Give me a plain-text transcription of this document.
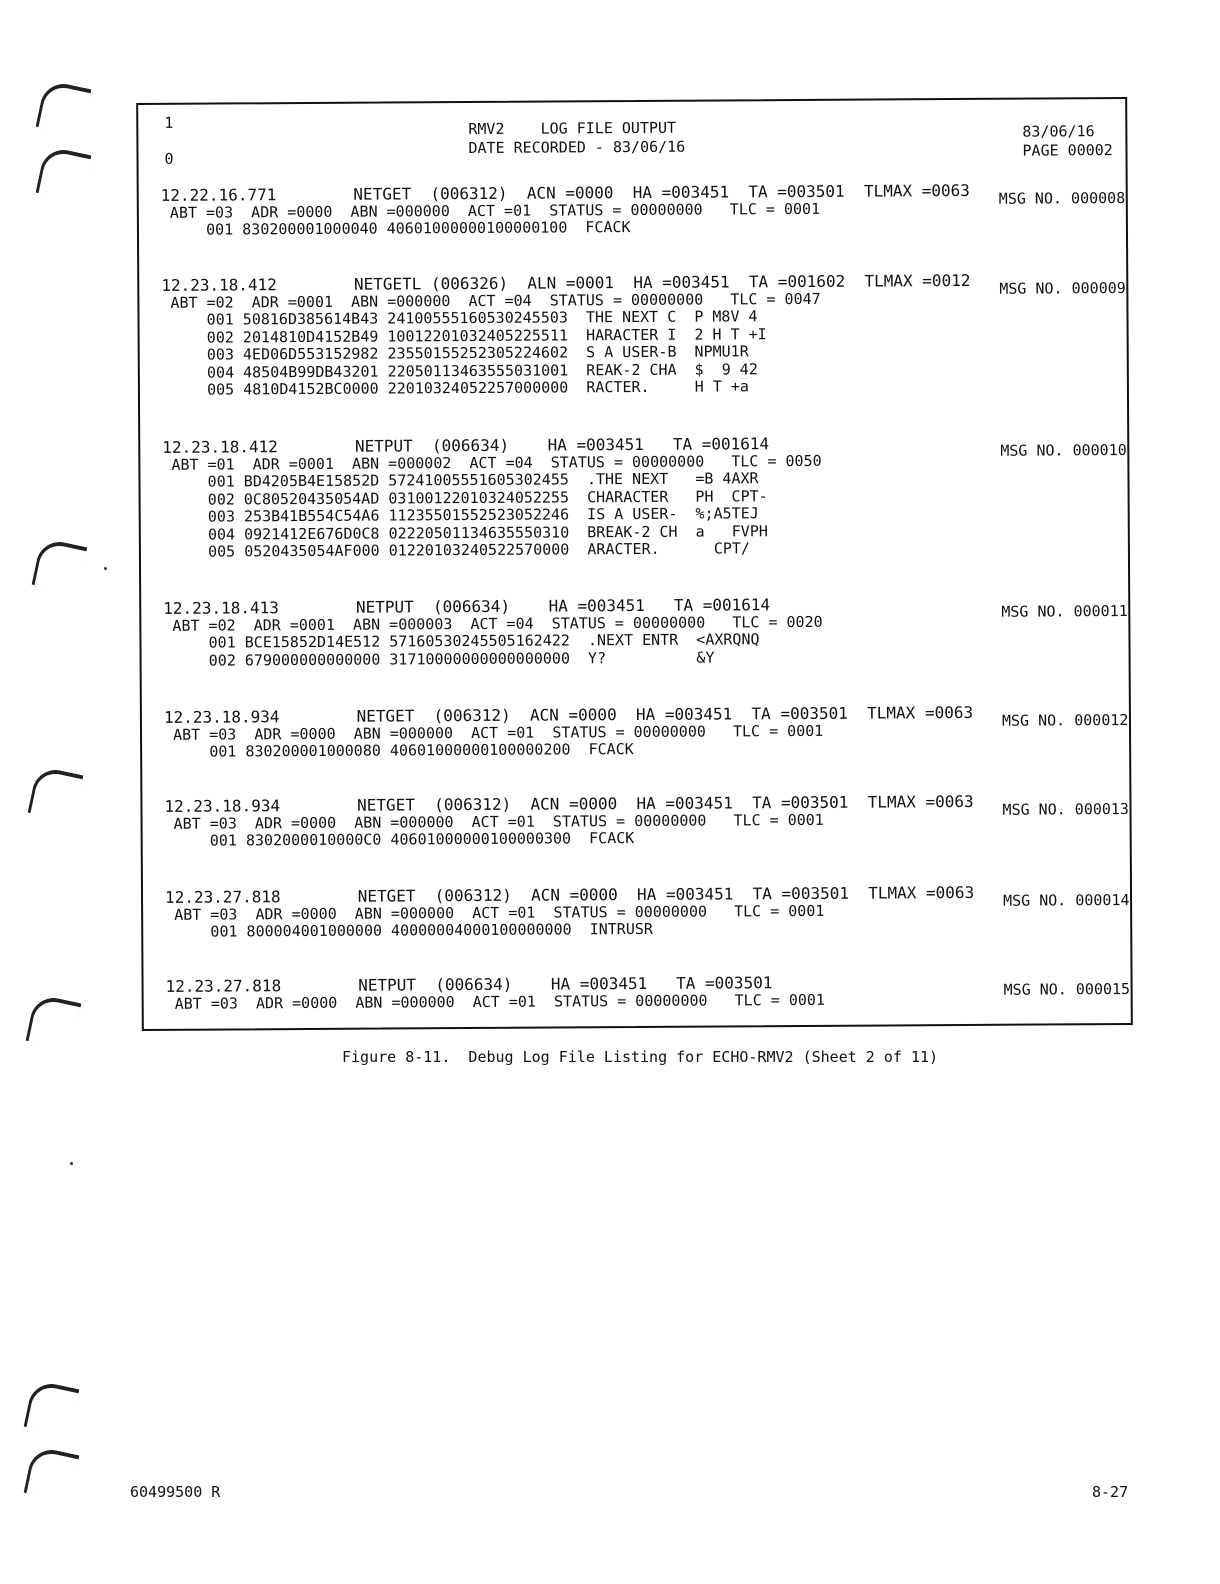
1
0
RMV2    LOG FILE OUTPUT
DATE RECORDED - 83/06/16
83/06/16
PAGE 00002
12.22.16.771        NETGET  (006312)  ACN =0000  HA =003451  TA =003501  TLMAX =0063
ABT =03  ADR =0000  ABN =000000  ACT =01  STATUS = 00000000   TLC = 0001
001 830200001000040 40601000000100000100  FCACK
MSG NO. 000008
12.23.18.412        NETGETL (006326)  ALN =0001  HA =003451  TA =001602  TLMAX =0012
ABT =02  ADR =0001  ABN =000000  ACT =04  STATUS = 00000000   TLC = 0047
001 50816D385614B43 24100555160530245503  THE NEXT C  P M8V 4
002 2014810D4152B49 10012201032405225511  HARACTER I  2 H T +I
003 4ED06D553152982 23550155252305224602  S A USER-B  NPMU1R
004 48504B99DB43201 22050113463555031001  REAK-2 CHA  $  9 42
005 4810D4152BC0000 22010324052257000000  RACTER.     H T +a
MSG NO. 000009
12.23.18.412        NETPUT  (006634)    HA =003451   TA =001614
ABT =01  ADR =0001  ABN =000002  ACT =04  STATUS = 00000000   TLC = 0050
001 BD4205B4E15852D 57241005551605302455  .THE NEXT   =B 4AXR
002 0C80520435054AD 03100122010324052255  CHARACTER   PH  CPT-
003 253B41B554C54A6 11235501552523052246  IS A USER-  %;A5TEJ
004 0921412E676D0C8 02220501134635550310  BREAK-2 CH  a   FVPH
005 0520435054AF000 01220103240522570000  ARACTER.      CPT/
MSG NO. 000010
12.23.18.413        NETPUT  (006634)    HA =003451   TA =001614
ABT =02  ADR =0001  ABN =000003  ACT =04  STATUS = 00000000   TLC = 0020
001 BCE15852D14E512 57160530245505162422  .NEXT ENTR  <AXRQNQ
002 679000000000000 31710000000000000000  Y?          &Y
MSG NO. 000011
12.23.18.934        NETGET  (006312)  ACN =0000  HA =003451  TA =003501  TLMAX =0063
ABT =03  ADR =0000  ABN =000000  ACT =01  STATUS = 00000000   TLC = 0001
001 830200001000080 40601000000100000200  FCACK
MSG NO. 000012
12.23.18.934        NETGET  (006312)  ACN =0000  HA =003451  TA =003501  TLMAX =0063
ABT =03  ADR =0000  ABN =000000  ACT =01  STATUS = 00000000   TLC = 0001
001 8302000010000C0 40601000000100000300  FCACK
MSG NO. 000013
12.23.27.818        NETGET  (006312)  ACN =0000  HA =003451  TA =003501  TLMAX =0063
ABT =03  ADR =0000  ABN =000000  ACT =01  STATUS = 00000000   TLC = 0001
001 800004001000000 40000004000100000000  INTRUSR
MSG NO. 000014
12.23.27.818        NETPUT  (006634)    HA =003451   TA =003501
ABT =03  ADR =0000  ABN =000000  ACT =01  STATUS = 00000000   TLC = 0001
MSG NO. 000015
Figure 8-11.  Debug Log File Listing for ECHO-RMV2 (Sheet 2 of 11)
60499500 R	8-27
